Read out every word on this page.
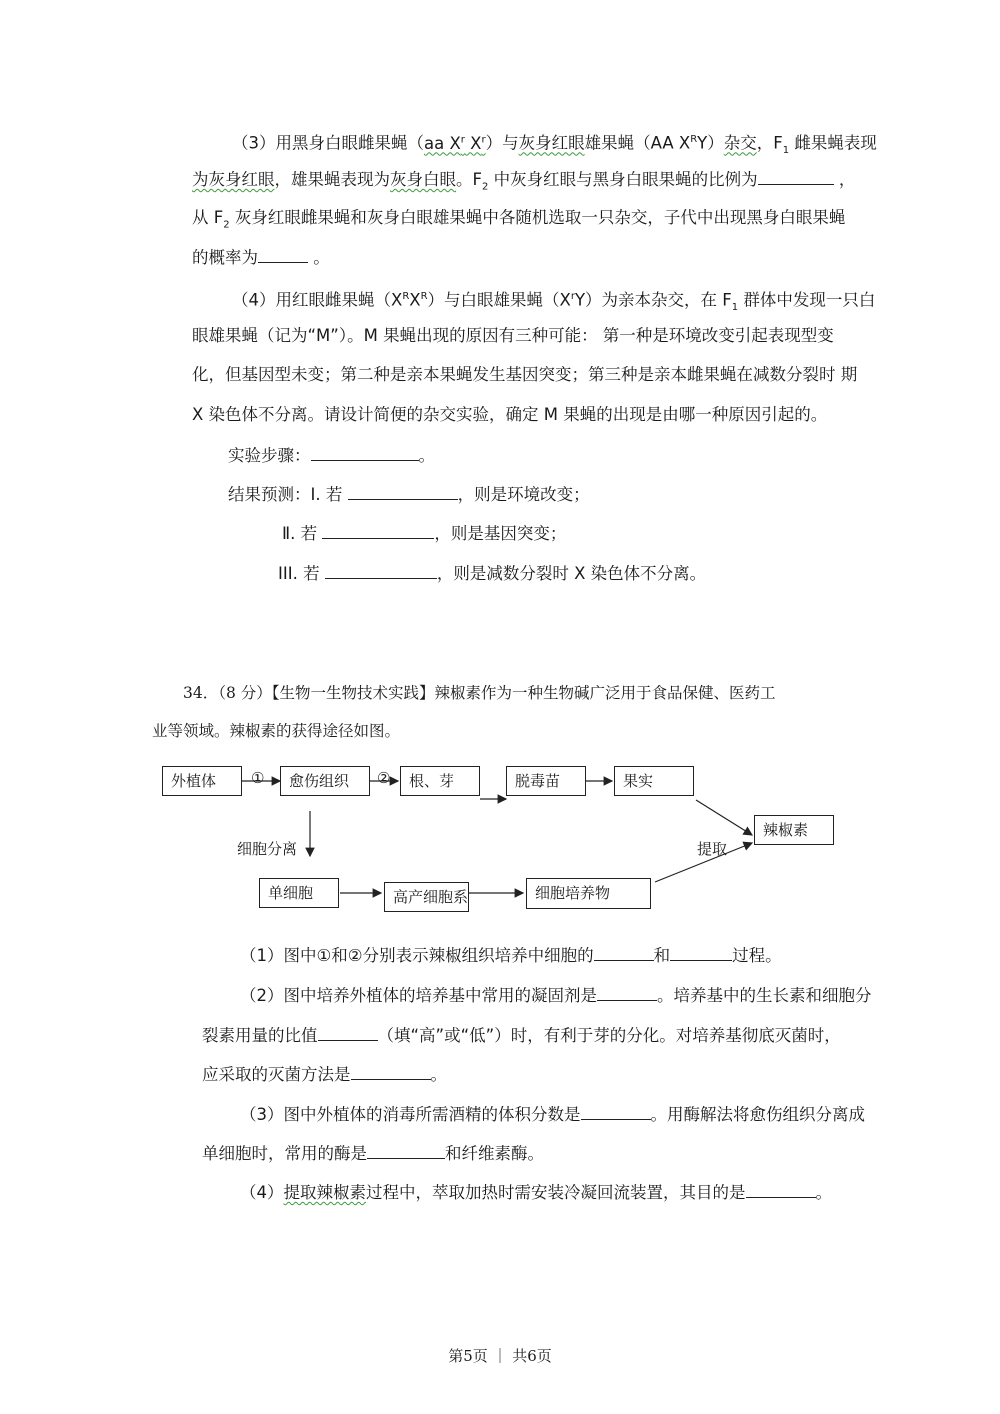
（3）用黑身白眼雌果蝇（aa $X^r$ $X^r$）与灰身红眼雄果蝇（AA $X^RY$）杂交，$F_1$ 雌果蝇表现
为灰身红眼，雄果蝇表现为灰身白眼。$F_2$ 中灰身红眼与黑身白眼果蝇的比例为	，
从 $F_2$ 灰身红眼雌果蝇和灰身白眼雄果蝇中各随机选取一只杂交，子代中出现黑身白眼果蝇
的概率为	。
（4）用红眼雌果蝇$(X^RX^R)$与白眼雄果蝇$(X^rY)$为亲本杂交，在 $F_1$ 群体中发现一只白
眼雄果蝇（记为“M”）。M 果蝇出现的原因有三种可能： 第一种是环境改变引起表现型变
化，但基因型未变；第二种是亲本果蝇发生基因突变；第三种是亲本雌果蝇在减数分裂时 期
X 染色体不分离。请设计简便的杂交实验，确定 M 果蝇的出现是由哪一种原因引起的。
实验步骤：	。
结果预测：Ⅰ. 若	，则是环境改变；
Ⅱ. 若	，则是基因突变；
III. 若	，则是减数分裂时 X 染色体不分离。
34．（8 分）【生物一生物技术实践】辣椒素作为一种生物碱广泛用于食品保健、医药工
业等领域。辣椒素的获得途径如图。
外植体	①	愈伤组织	②	根、芽	脱毒苗	果实
辣椒素
细胞分离	提取
单细胞	高产细胞系	细胞培养物
（1）图中①和②分别表示辣椒组织培养中细胞的	和	过程。
（2）图中培养外植体的培养基中常用的凝固剂是	。培养基中的生长素和细胞分
裂素用量的比值	（填“高”或“低”）时，有利于芽的分化。对培养基彻底灭菌时，
应采取的灭菌方法是	。
（3）图中外植体的消毒所需酒精的体积分数是	。用酶解法将愈伤组织分离成
单细胞时，常用的酶是	和纤维素酶。
（4）提取辣椒素过程中，萃取加热时需安装冷凝回流装置，其目的是	。
第5页 ｜ 共6页
